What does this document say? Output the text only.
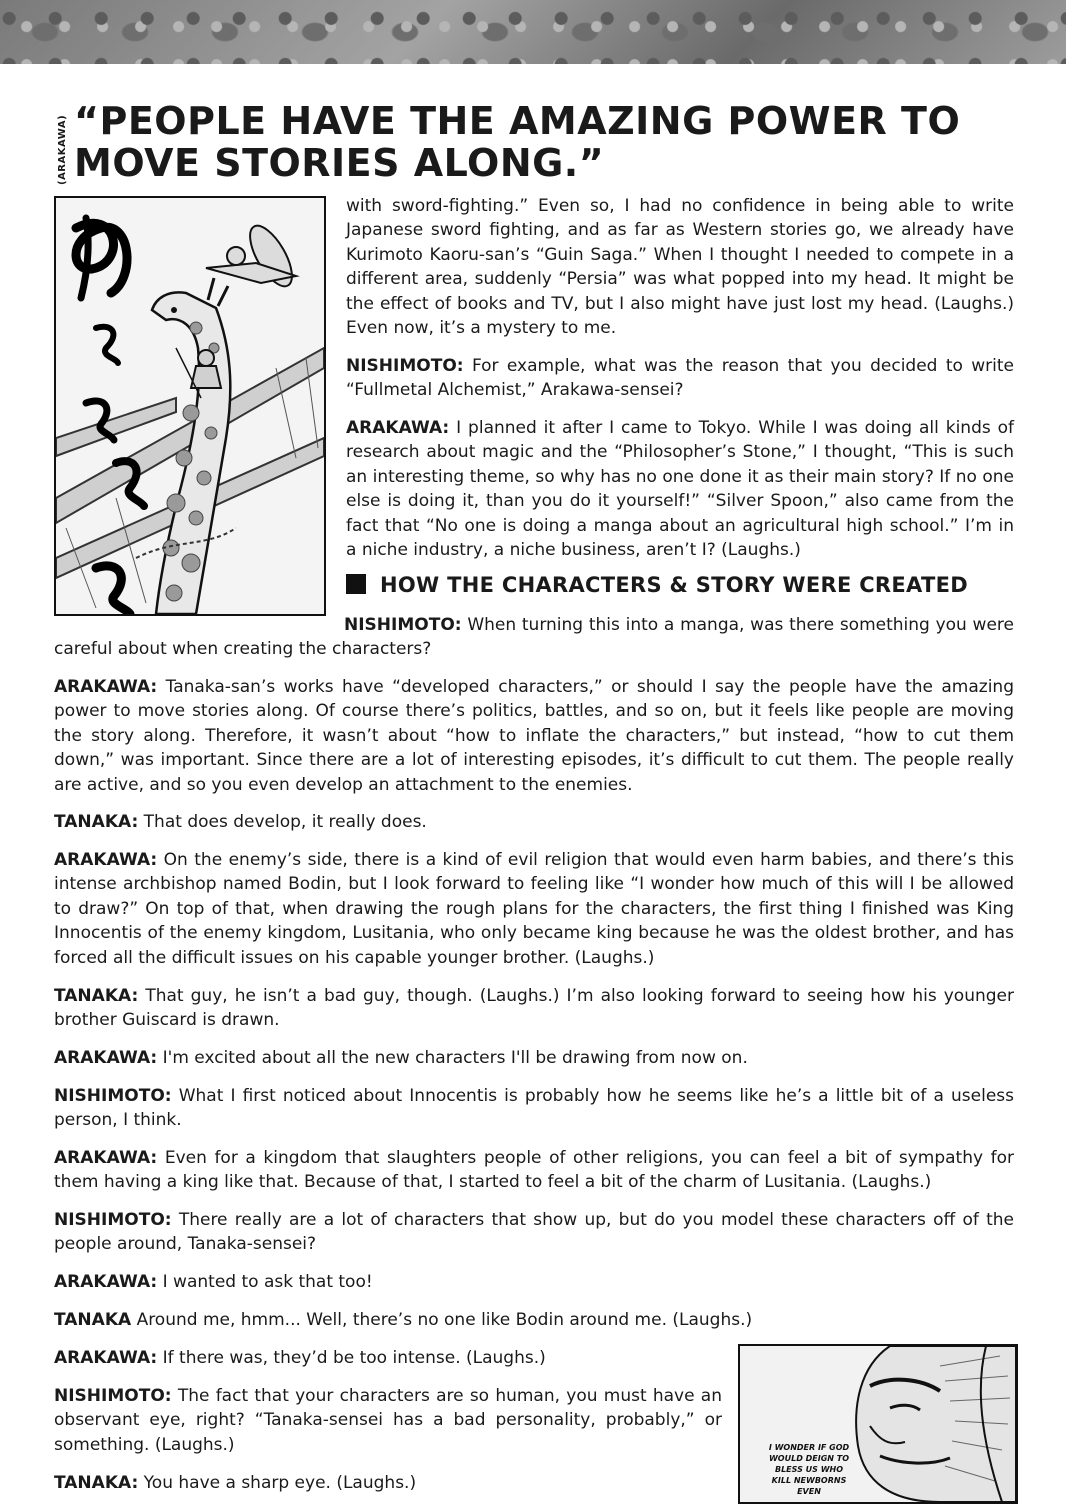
(ARAKAWA) “PEOPLE HAVE THE AMAZING POWER TO MOVE STORIES ALONG.”
ぬううう
I WONDER IF GOD WOULD DEIGN TO BLESS US WHO KILL NEWBORNS EVEN

with sword-fighting.” Even so, I had no confidence in being able to write Japanese sword fighting, and as far as Western stories go, we already have Kurimoto Kaoru-san’s “Guin Saga.” When I thought I needed to compete in a different area, suddenly “Persia” was what popped into my head. It might be the effect of books and TV, but I also might have just lost my head. (Laughs.) Even now, it’s a mystery to me.

NISHIMOTO: For example, what was the reason that you decided to write “Fullmetal Alchemist,” Arakawa-sensei?

ARAKAWA: I planned it after I came to Tokyo. While I was doing all kinds of research about magic and the “Philosopher’s Stone,” I thought, “This is such an interesting theme, so why has no one done it as their main story? If no one else is doing it, than you do it yourself!” “Silver Spoon,” also came from the fact that “No one is doing a manga about an agricultural high school.” I’m in a niche industry, a niche business, aren’t I? (Laughs.)

HOW THE CHARACTERS & STORY WERE CREATED

NISHIMOTO: When turning this into a manga, was there something you were careful about when creating the characters?

ARAKAWA: Tanaka-san’s works have “developed characters,” or should I say the people have the amazing power to move stories along. Of course there’s politics, battles, and so on, but it feels like people are moving the story along. Therefore, it wasn’t about “how to inflate the characters,” but instead, “how to cut them down,” was important. Since there are a lot of interesting episodes, it’s difficult to cut them. The people really are active, and so you even develop an attachment to the enemies.

TANAKA: That does develop, it really does.

ARAKAWA: On the enemy’s side, there is a kind of evil religion that would even harm babies, and there’s this intense archbishop named Bodin, but I look forward to feeling like “I wonder how much of this will I be allowed to draw?” On top of that, when drawing the rough plans for the characters, the first thing I finished was King Innocentis of the enemy kingdom, Lusitania, who only became king because he was the oldest brother, and has forced all the difficult issues on his capable younger brother. (Laughs.)

TANAKA: That guy, he isn’t a bad guy, though. (Laughs.) I’m also looking forward to seeing how his younger brother Guiscard is drawn.

ARAKAWA: I'm excited about all the new characters I'll be drawing from now on.

NISHIMOTO: What I first noticed about Innocentis is probably how he seems like he’s a little bit of a useless person, I think.

ARAKAWA: Even for a kingdom that slaughters people of other religions, you can feel a bit of sympathy for them having a king like that. Because of that, I started to feel a bit of the charm of Lusitania. (Laughs.)

NISHIMOTO: There really are a lot of characters that show up, but do you model these characters off of the people around, Tanaka-sensei?

ARAKAWA: I wanted to ask that too!

TANAKA Around me, hmm... Well, there’s no one like Bodin around me. (Laughs.)

ARAKAWA: If there was, they’d be too intense. (Laughs.)

NISHIMOTO: The fact that your characters are so human, you must have an observant eye, right? “Tanaka-sensei has a bad personality, probably,” or something. (Laughs.)

TANAKA: You have a sharp eye. (Laughs.)
